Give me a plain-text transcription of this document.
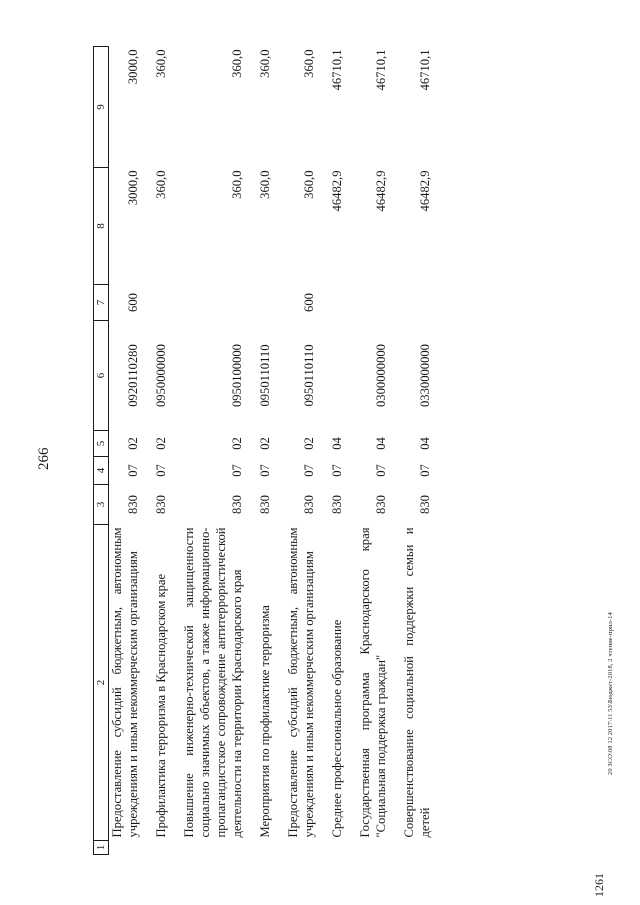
266
1261
20 ЗСО\08 12 2017\11 53\Бюджет-2018, 2 чтение-прил-14
1	2	3	4	5	6	7	8	9
	Предоставление субсидий бюджетным, автономным учреждениям и иным некоммерческим организациям	830	07	02	0920110280	600	3000,0	3000,0

	Профилактика терроризма в Краснодарском крае	830	07	02	0950000000		360,0	360,0

	Повышение инженерно-технической защищенности социально значимых объектов, а также информационно-пропагандистское сопровождение антитеррористической деятельности на территории Краснодарского края	830	07	02	0950100000		360,0	360,0

	Мероприятия по профилактике терроризма	830	07	02	0950110110		360,0	360,0

	Предоставление субсидий бюджетным, автономным учреждениям и иным некоммерческим организациям	830	07	02	0950110110	600	360,0	360,0

	Среднее профессиональное образование	830	07	04			46482,9	46710,1

	Государственная программа Краснодарского края "Социальная поддержка граждан"	830	07	04	0300000000		46482,9	46710,1

	Совершенствование социальной поддержки семьи и детей	830	07	04	0330000000		46482,9	46710,1
